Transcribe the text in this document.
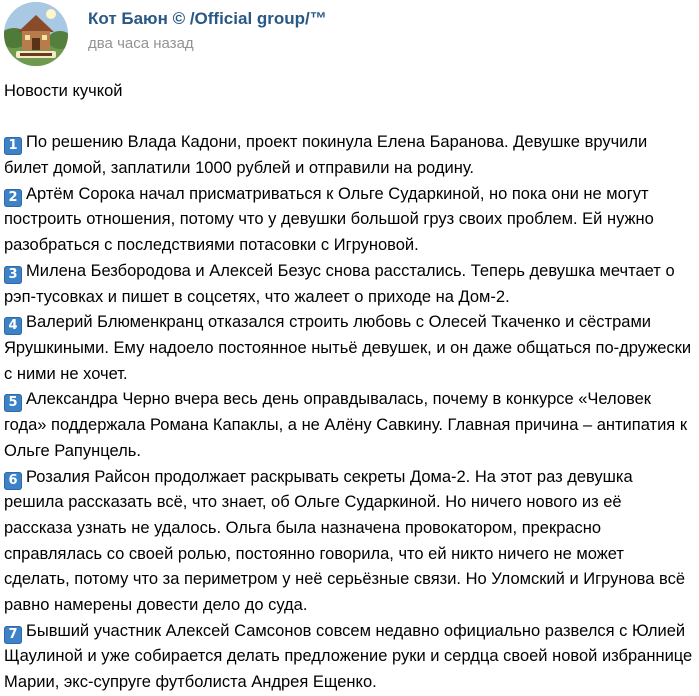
Кот Баюн © /Official group/™
два часа назад

Новости кучкой

1 По решению Влада Кадони, проект покинула Елена Баранова. Девушке вручили билет домой, заплатили 1000 рублей и отправили на родину.

2 Артём Сорока начал присматриваться к Ольге Сударкиной, но пока они не могут построить отношения, потому что у девушки большой груз своих проблем. Ей нужно разобраться с последствиями потасовки с Игруновой.

3 Милена Безбородова и Алексей Безус снова расстались. Теперь девушка мечтает о рэп-тусовках и пишет в соцсетях, что жалеет о приходе на Дом-2.

4 Валерий Блюменкранц отказался строить любовь с Олесей Ткаченко и сёстрами Ярушкиными. Ему надоело постоянное нытьё девушек, и он даже общаться по-дружески с ними не хочет.

5 Александра Черно вчера весь день оправдывалась, почему в конкурсе «Человек года» поддержала Романа Капаклы, а не Алёну Савкину. Главная причина – антипатия к Ольге Рапунцель.

6 Розалия Райсон продолжает раскрывать секреты Дома-2. На этот раз девушка решила рассказать всё, что знает, об Ольге Сударкиной. Но ничего нового из её рассказа узнать не удалось. Ольга была назначена провокатором, прекрасно справлялась со своей ролью, постоянно говорила, что ей никто ничего не может сделать, потому что за периметром у неё серьёзные связи. Но Уломский и Игрунова всё равно намерены довести дело до суда.

7 Бывший участник Алексей Самсонов совсем недавно официально развелся с Юлией Щаулиной и уже собирается делать предложение руки и сердца своей новой избраннице Марии, экс-супруге футболиста Андрея Ещенко.
